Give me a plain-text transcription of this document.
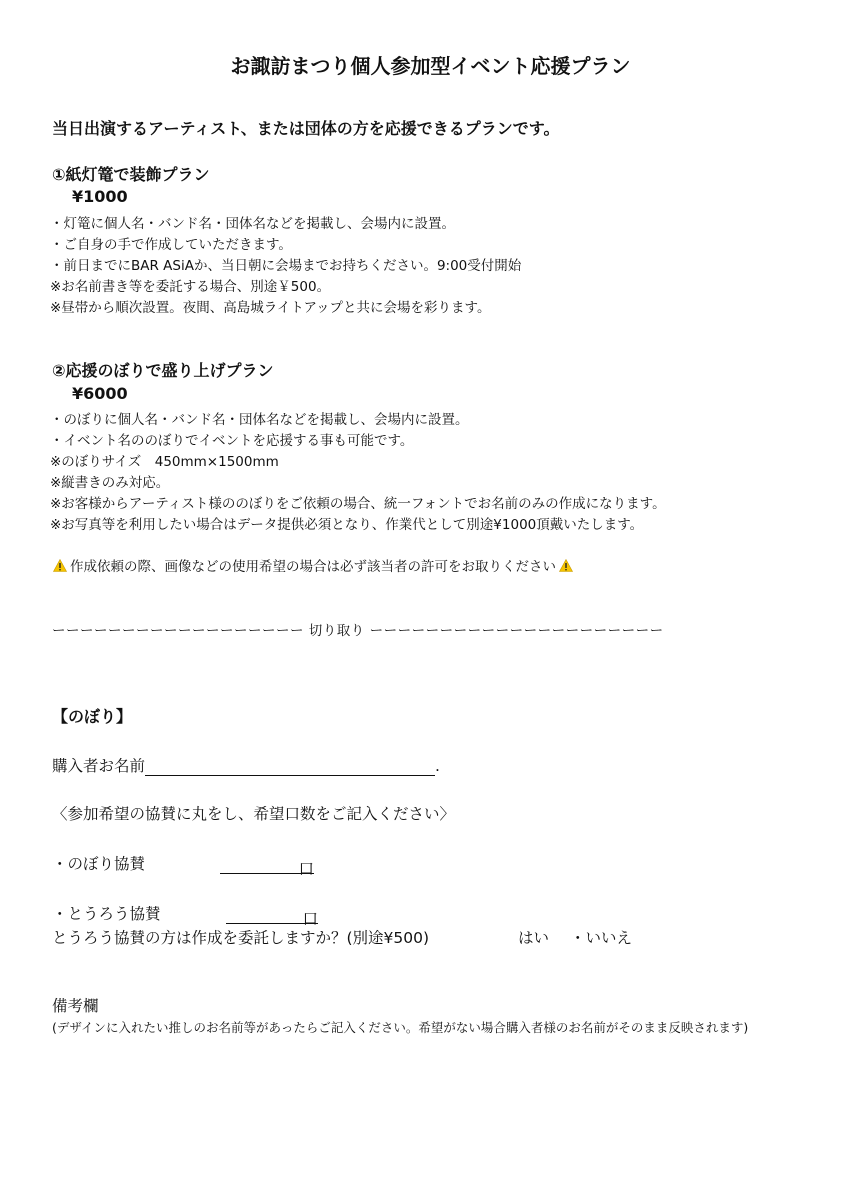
お諏訪まつり個人参加型イベント応援プラン
当日出演するアーティスト、または団体の方を応援できるプランです。
①紙灯篭で装飾プラン
¥1000
・灯篭に個人名・バンド名・団体名などを掲載し、会場内に設置。
・ご自身の手で作成していただきます。
・前日までにBAR ASiAか、当日朝に会場までお持ちください。9:00受付開始
※お名前書き等を委託する場合、別途￥500。
※昼帯から順次設置。夜間、高島城ライトアップと共に会場を彩ります。
②応援のぼりで盛り上げプラン
¥6000
・のぼりに個人名・バンド名・団体名などを掲載し、会場内に設置。
・イベント名ののぼりでイベントを応援する事も可能です。
※のぼりサイズ　450mm×1500mm
※縦書きのみ対応。
※お客様からアーティスト様ののぼりをご依頼の場合、統一フォントでお名前のみの作成になります。
※お写真等を利用したい場合はデータ提供必須となり、作業代として別途¥1000頂戴いたします。
作成依頼の際、画像などの使用希望の場合は必ず該当者の許可をお取りください
ーーーーーーーーーーーーーーーーーー 切り取り ーーーーーーーーーーーーーーーーーーーーー
【のぼり】
購入者お名前	.
〈参加希望の協賛に丸をし、希望口数をご記入ください〉
・のぼり協賛	口
・とうろう協賛	口
とうろう協賛の方は作成を委託しますか？(別途¥500)	はい ・いいえ
備考欄
(デザインに入れたい推しのお名前等があったらご記入ください。希望がない場合購入者様のお名前がそのまま反映されます)
